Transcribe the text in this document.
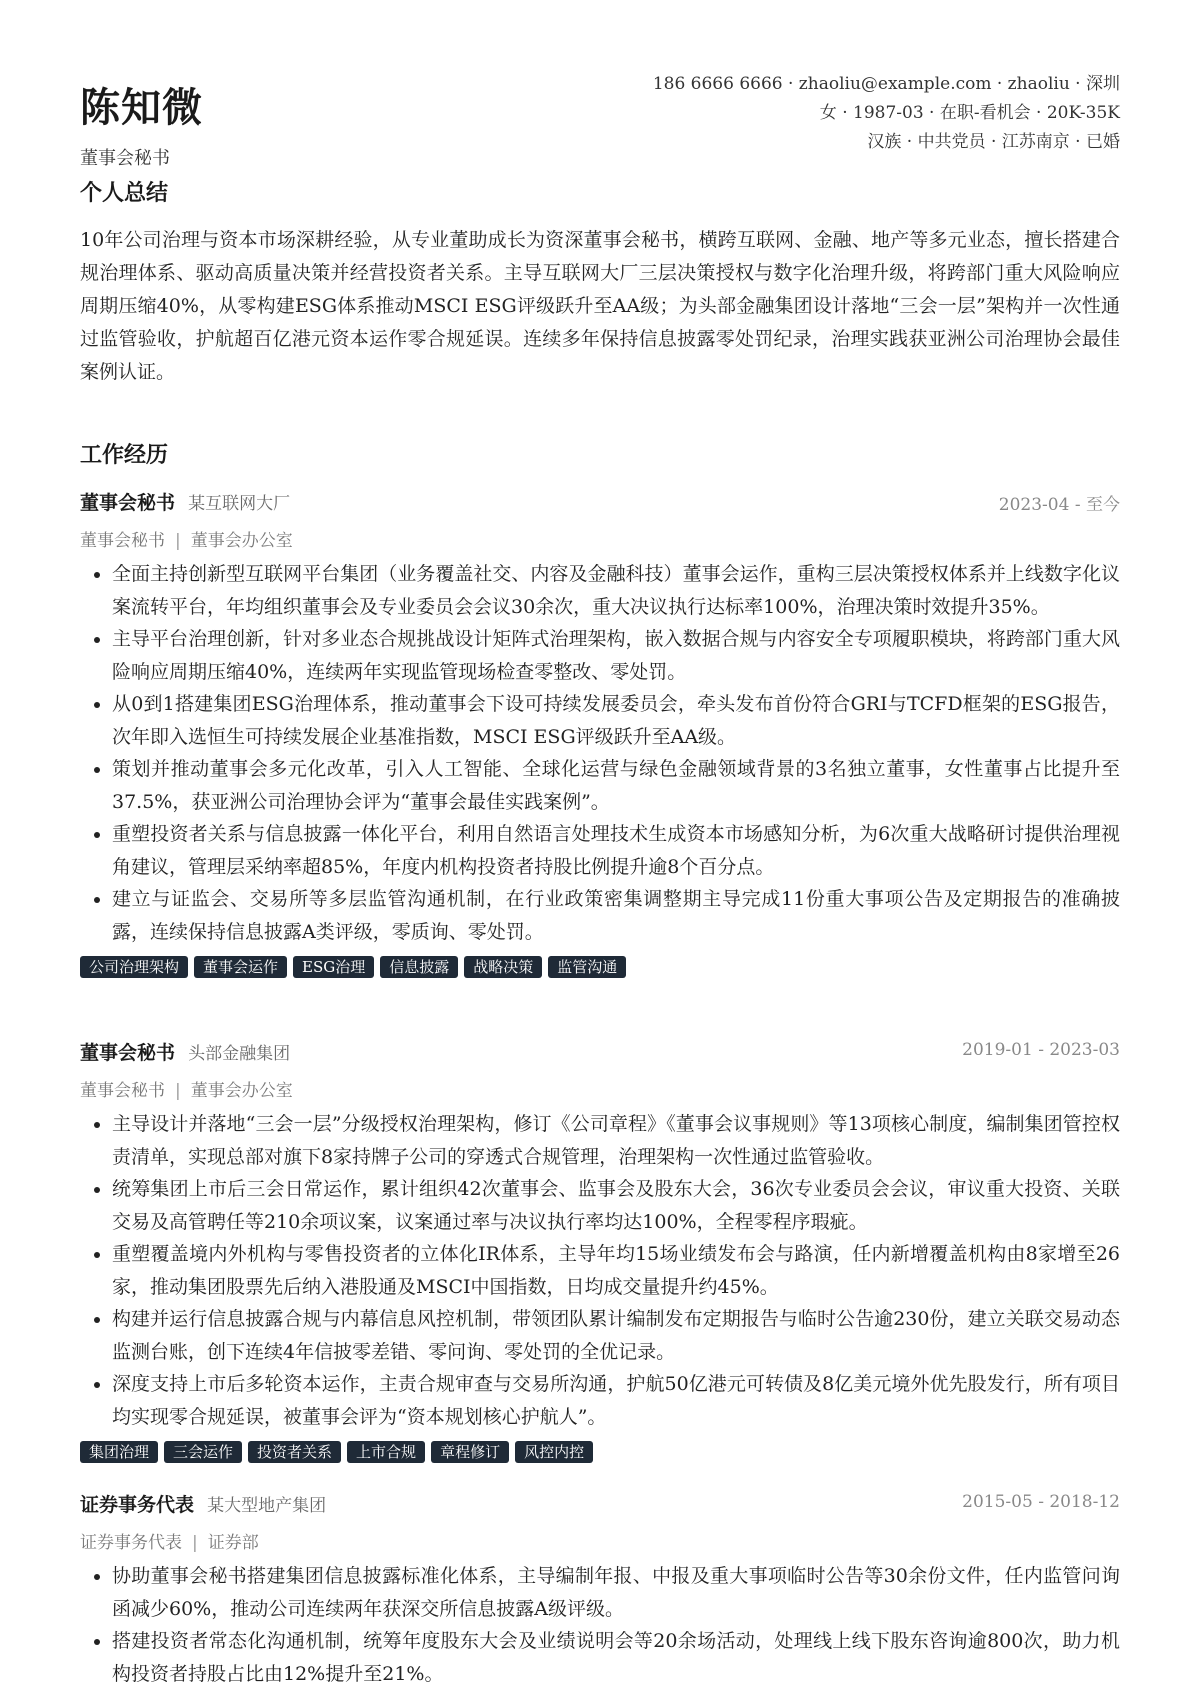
陈知微
董事会秘书
186 6666 6666 · zhaoliu@example.com · zhaoliu · 深圳
女 · 1987-03 · 在职-看机会 · 20K-35K
汉族 · 中共党员 · 江苏南京 · 已婚
个人总结
10年公司治理与资本市场深耕经验，从专业董助成长为资深董事会秘书，横跨互联网、金融、地产等多元业态，擅长搭建合规治理体系、驱动高质量决策并经营投资者关系。主导互联网大厂三层决策授权与数字化治理升级，将跨部门重大风险响应周期压缩40%，从零构建ESG体系推动MSCI ESG评级跃升至AA级；为头部金融集团设计落地“三会一层”架构并一次性通过监管验收，护航超百亿港元资本运作零合规延误。连续多年保持信息披露零处罚纪录，治理实践获亚洲公司治理协会最佳案例认证。
工作经历
董事会秘书 某互联网大厂	2023-04 - 至今
董事会秘书 | 董事会办公室
• 全面主持创新型互联网平台集团（业务覆盖社交、内容及金融科技）董事会运作，重构三层决策授权体系并上线数字化议案流转平台，年均组织董事会及专业委员会会议30余次，重大决议执行达标率100%，治理决策时效提升35%。
• 主导平台治理创新，针对多业态合规挑战设计矩阵式治理架构，嵌入数据合规与内容安全专项履职模块，将跨部门重大风险响应周期压缩40%，连续两年实现监管现场检查零整改、零处罚。
• 从0到1搭建集团ESG治理体系，推动董事会下设可持续发展委员会，牵头发布首份符合GRI与TCFD框架的ESG报告，次年即入选恒生可持续发展企业基准指数，MSCI ESG评级跃升至AA级。
• 策划并推动董事会多元化改革，引入人工智能、全球化运营与绿色金融领域背景的3名独立董事，女性董事占比提升至37.5%，获亚洲公司治理协会评为“董事会最佳实践案例”。
• 重塑投资者关系与信息披露一体化平台，利用自然语言处理技术生成资本市场感知分析，为6次重大战略研讨提供治理视角建议，管理层采纳率超85%，年度内机构投资者持股比例提升逾8个百分点。
• 建立与证监会、交易所等多层监管沟通机制，在行业政策密集调整期主导完成11份重大事项公告及定期报告的准确披露，连续保持信息披露A类评级，零质询、零处罚。
公司治理架构	董事会运作	ESG治理	信息披露	战略决策	监管沟通
董事会秘书 头部金融集团	2019-01 - 2023-03
董事会秘书 | 董事会办公室
• 主导设计并落地“三会一层”分级授权治理架构，修订《公司章程》《董事会议事规则》等13项核心制度，编制集团管控权责清单，实现总部对旗下8家持牌子公司的穿透式合规管理，治理架构一次性通过监管验收。
• 统筹集团上市后三会日常运作，累计组织42次董事会、监事会及股东大会，36次专业委员会会议，审议重大投资、关联交易及高管聘任等210余项议案，议案通过率与决议执行率均达100%，全程零程序瑕疵。
• 重塑覆盖境内外机构与零售投资者的立体化IR体系，主导年均15场业绩发布会与路演，任内新增覆盖机构由8家增至26家，推动集团股票先后纳入港股通及MSCI中国指数，日均成交量提升约45%。
• 构建并运行信息披露合规与内幕信息风控机制，带领团队累计编制发布定期报告与临时公告逾230份，建立关联交易动态监测台账，创下连续4年信披零差错、零问询、零处罚的全优记录。
• 深度支持上市后多轮资本运作，主责合规审查与交易所沟通，护航50亿港元可转债及8亿美元境外优先股发行，所有项目均实现零合规延误，被董事会评为“资本规划核心护航人”。
集团治理	三会运作	投资者关系	上市合规	章程修订	风控内控
证券事务代表 某大型地产集团	2015-05 - 2018-12
证券事务代表 | 证券部
• 协助董事会秘书搭建集团信息披露标准化体系，主导编制年报、中报及重大事项临时公告等30余份文件，任内监管问询函减少60%，推动公司连续两年获深交所信息披露A级评级。
• 搭建投资者常态化沟通机制，统筹年度股东大会及业绩说明会等20余场活动，处理线上线下股东咨询逾800次，助力机构投资者持股占比由12%提升至21%。
